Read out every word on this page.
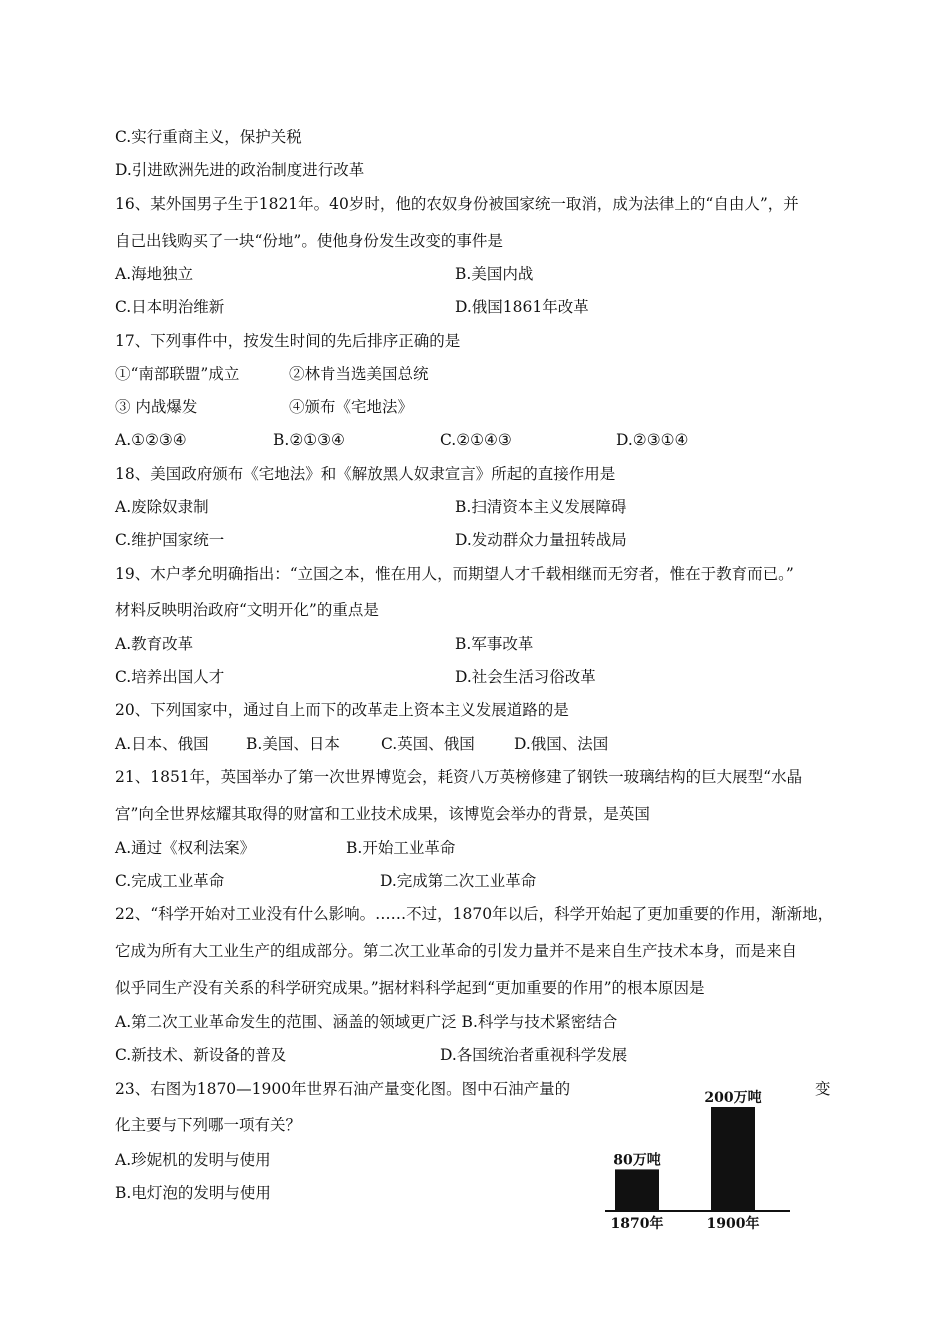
C.实行重商主义，保护关税
D.引进欧洲先进的政治制度进行改革
16、某外国男子生于1821年。40岁时，他的农奴身份被国家统一取消，成为法律上的“自由人”，并
自己出钱购买了一块“份地”。使他身份发生改变的事件是
A.海地独立	B.美国内战
C.日本明治维新	D.俄国1861年改革
17、下列事件中，按发生时间的先后排序正确的是
①“南部联盟”成立	②林肯当选美国总统
③ 内战爆发	④颁布《宅地法》
A.①②③④	B.②①③④	C.②①④③	D.②③①④
18、美国政府颁布《宅地法》和《解放黑人奴隶宣言》所起的直接作用是
A.废除奴隶制	B.扫清资本主义发展障碍
C.维护国家统一	D.发动群众力量扭转战局
19、木户孝允明确指出：“立国之本，惟在用人，而期望人才千载相继而无穷者，惟在于教育而已。”
材料反映明治政府“文明开化”的重点是
A.教育改革	B.军事改革
C.培养出国人才	D.社会生活习俗改革
20、下列国家中，通过自上而下的改革走上资本主义发展道路的是
A.日本、俄国 B.美国、日本	C.英国、俄国	D.俄国、法国
21、1851年，英国举办了第一次世界博览会，耗资八万英榜修建了钢铁一玻璃结构的巨大展型“水晶
宫”向全世界炫耀其取得的财富和工业技术成果，该博览会举办的背景，是英国
A.通过《权利法案》	B.开始工业革命
C.完成工业革命	D.完成第二次工业革命
22、“科学开始对工业没有什么影响。……不过，1870年以后，科学开始起了更加重要的作用，渐渐地，
它成为所有大工业生产的组成部分。第二次工业革命的引发力量并不是来自生产技术本身，而是来自
似乎同生产没有关系的科学研究成果。”据材料科学起到“更加重要的作用”的根本原因是
A.第二次工业革命发生的范围、涵盖的领域更广泛 B.科学与技术紧密结合
C.新技术、新设备的普及	D.各国统治者重视科学发展
23、右图为1870—1900年世界石油产量变化图。图中石油产量的	变
化主要与下列哪一项有关？
A.珍妮机的发明与使用
B.电灯泡的发明与使用
80万吨
1870年
200万吨
1900年
